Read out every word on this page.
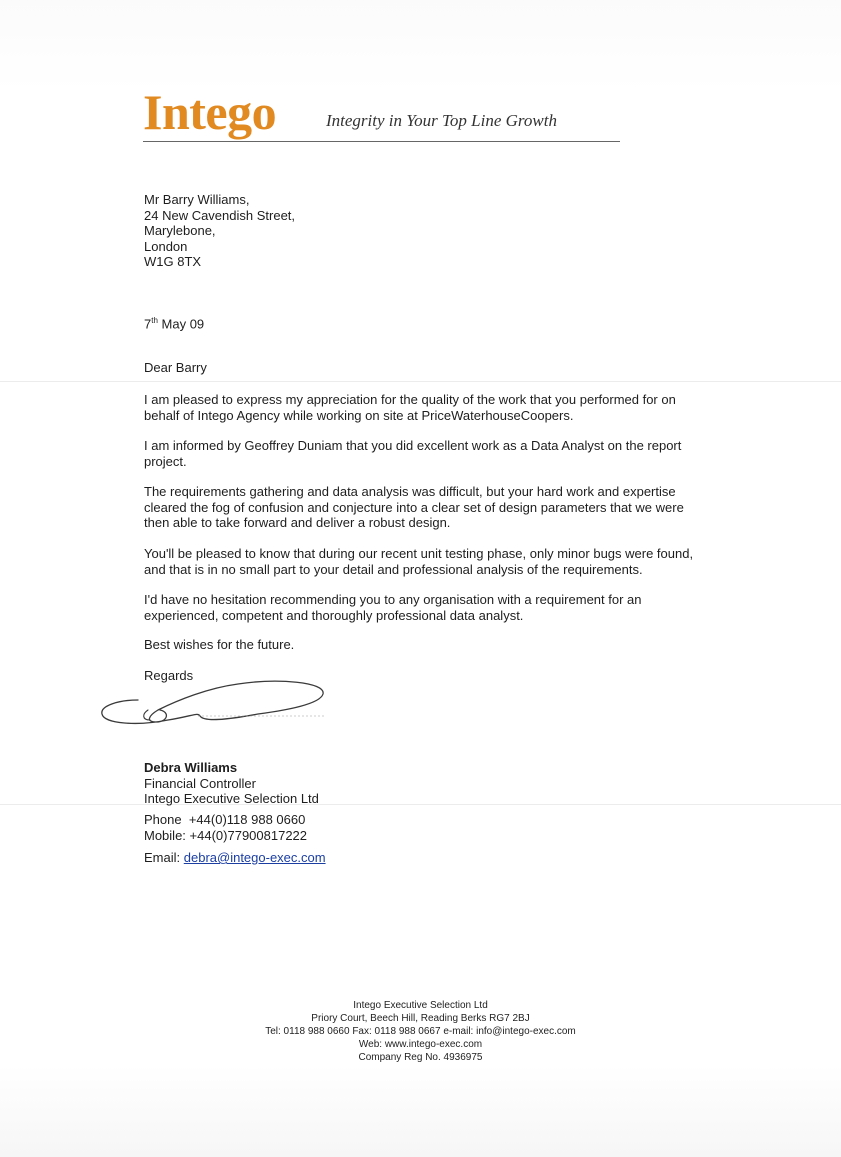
Intego	Integrity in Your Top Line Growth
Mr Barry Williams,
24 New Cavendish Street,
Marylebone,
London
W1G 8TX
7th May 09
Dear Barry
I am pleased to express my appreciation for the quality of the work that you performed for on
behalf of Intego Agency while working on site at PriceWaterhouseCoopers.
I am informed by Geoffrey Duniam that you did excellent work as a Data Analyst on the report
project.
The requirements gathering and data analysis was difficult, but your hard work and expertise
cleared the fog of confusion and conjecture into a clear set of design parameters that we were
then able to take forward and deliver a robust design.
You'll be pleased to know that during our recent unit testing phase, only minor bugs were found,
and that is in no small part to your detail and professional analysis of the requirements.
I'd have no hesitation recommending you to any organisation with a requirement for an
experienced, competent and thoroughly professional data analyst.
Best wishes for the future.
Regards
Debra Williams
Financial Controller
Intego Executive Selection Ltd
Phone +44(0)118 988 0660
Mobile: +44(0)77900817222
Email: debra@intego-exec.com
Intego Executive Selection Ltd
Priory Court, Beech Hill, Reading Berks RG7 2BJ
Tel: 0118 988 0660 Fax: 0118 988 0667 e-mail: info@intego-exec.com
Web: www.intego-exec.com
Company Reg No. 4936975
